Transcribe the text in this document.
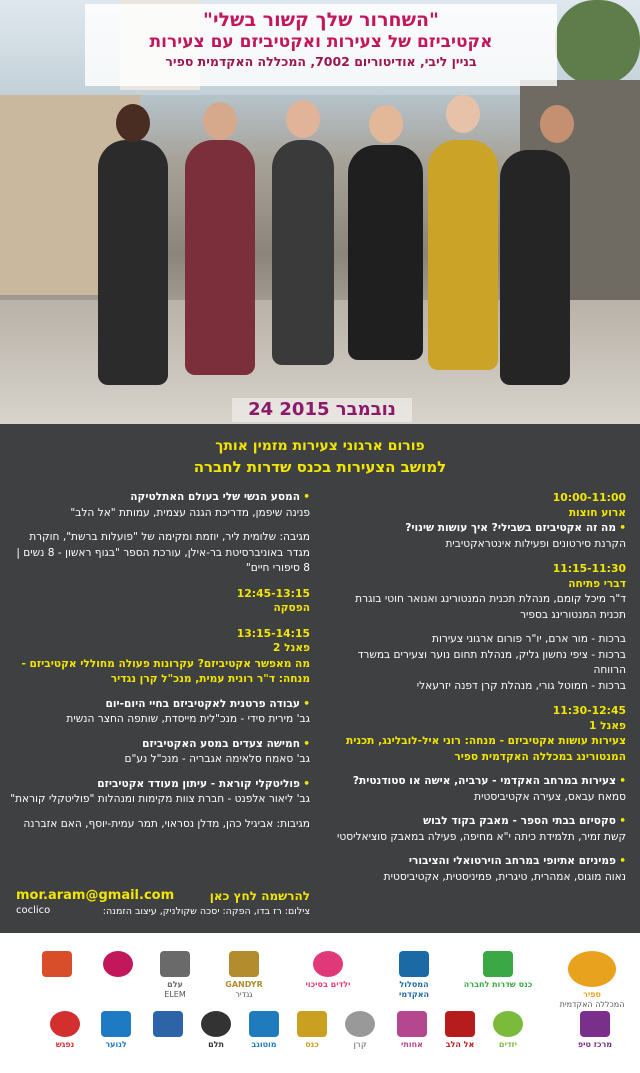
"השחרור שלך קשור בשלי"
אקטיביזם של צעירות ואקטיביזם עם צעירות
בניין ליבי, אודיטוריום 7002, המכללה האקדמית ספיר
24 נובמבר 2015
פורום ארגוני צעירות מזמין אותך
למושב הצעירות בכנס שדרות לחברה
10:00-11:00
ארוע חוצות
• מה זה אקטיביזם בשבילי? איך עושות שינוי?
הקרנת סירטונים ופעילות אינטראקטיבית
11:15-11:30
דברי פתיחה
ד"ר מיכל קומם, מנהלת תכנית המנטורינג ואנואר חוטי בוגרת תכנית המנטורינג בספיר
ברכות - מור ארם, יו"ר פורום ארגוני צעירות
ברכות - ציפי נחשון גליק, מנהלת תחום נוער וצעירים במשרד הרווחה
ברכות - חמוטל גורי, מנהלת קרן דפנה יזרעאלי
11:30-12:45
פאנל 1
צעירות עושות אקטיביזם - מנחה: רוני איל-לובלינג, תכנית המנטורינג במכללה האקדמית ספיר
• צעירות במרחב האקדמי - ערביה, אישה או סטודנטית?
סמאח עבאס, צעירה אקטיביסטית
• סקסיזם בבתי הספר - מאבק בקוד לבוש
קשת זמיר, תלמידת כיתה י"א מחיפה, פעילה במאבק סוציאליסטי
• פמיניזם אתיופי במרחב הוירטואלי והציבורי
נאוה מוגוס, אמהרית, טיגרית, פמיניסטית, אקטיביסטית
• המסע הנשי שלי בעולם האתלטיקה
פנינה שיפמן, מדריכת הגנה עצמית, עמותת "אל הלב"
מגיבה: שלומית ליר, יוזמת ומקימה של "פועלות ברשת", חוקרת מגדר באוניברסיטת בר-אילן, עורכת הספר "בגוף ראשון - 8 נשים | 8 סיפורי חיים"
12:45-13:15
הפסקה
13:15-14:15
פאנל 2
מה מאפשר אקטיביזם? עקרונות פעולה מחוללי אקטיביזם - מנחה: ד"ר רונית עמית, מנכ"ל קרן נגדיר
• עבודה פרטנית לאקטיביזם בחיי היום-יום
גב' מירית סידי - מנכ"לית מייסדת, שותפה החצר הנשית
• חמישה צעדים במסע האקטיביזם
גב' סאמח סלאימה אגבריה - מנכ"ל נע"ם
• פוליטקלי קוראת - עיתון מעודד אקטיביזם
גב' ליאור אלפנט - חברת צוות מקימות ומנהלות "פוליטקלי קוראת"
מגיבות: אביגיל כהן, מדלן נסראוי, תמר עמית-יוסף, האם אזברנה
להרשמה לחץ כאן
mor.aram@gmail.com
צילום: רז בדו, הפקה: יסכה שקולניק, עיצוב הזמנה:
coclico
ספיר
המכללה האקדמית
כנס שדרות לחברה
המסלול האקדמי
ילדים בסיכוי
GANDYR
גנדיר
עלם
ELEM
מרכז טיפ
יזדים
אל הלב
אחותי
קרן
כנס
מוטוגב
תלם
לנוער
נפגש
